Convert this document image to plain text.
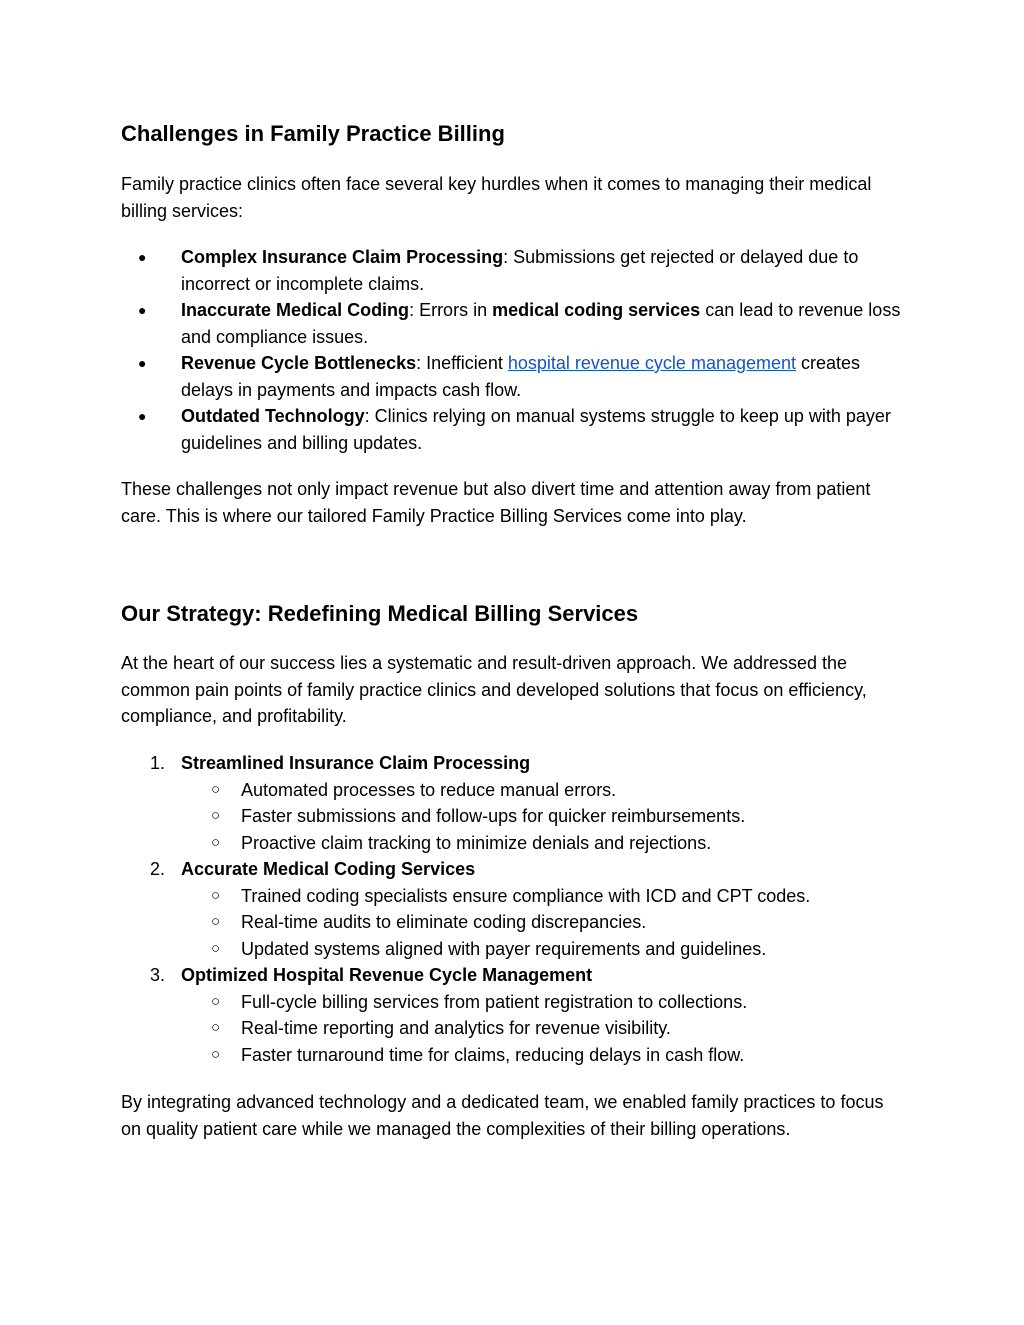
Challenges in Family Practice Billing

Family practice clinics often face several key hurdles when it comes to managing their medical billing services:

● Complex Insurance Claim Processing: Submissions get rejected or delayed due to incorrect or incomplete claims.
● Inaccurate Medical Coding: Errors in medical coding services can lead to revenue loss and compliance issues.
● Revenue Cycle Bottlenecks: Inefficient hospital revenue cycle management creates delays in payments and impacts cash flow.
● Outdated Technology: Clinics relying on manual systems struggle to keep up with payer guidelines and billing updates.

These challenges not only impact revenue but also divert time and attention away from patient care. This is where our tailored Family Practice Billing Services come into play.

Our Strategy: Redefining Medical Billing Services

At the heart of our success lies a systematic and result-driven approach. We addressed the common pain points of family practice clinics and developed solutions that focus on efficiency, compliance, and profitability.

1. Streamlined Insurance Claim Processing
○ Automated processes to reduce manual errors.
○ Faster submissions and follow-ups for quicker reimbursements.
○ Proactive claim tracking to minimize denials and rejections.
2. Accurate Medical Coding Services
○ Trained coding specialists ensure compliance with ICD and CPT codes.
○ Real-time audits to eliminate coding discrepancies.
○ Updated systems aligned with payer requirements and guidelines.
3. Optimized Hospital Revenue Cycle Management
○ Full-cycle billing services from patient registration to collections.
○ Real-time reporting and analytics for revenue visibility.
○ Faster turnaround time for claims, reducing delays in cash flow.

By integrating advanced technology and a dedicated team, we enabled family practices to focus on quality patient care while we managed the complexities of their billing operations.
